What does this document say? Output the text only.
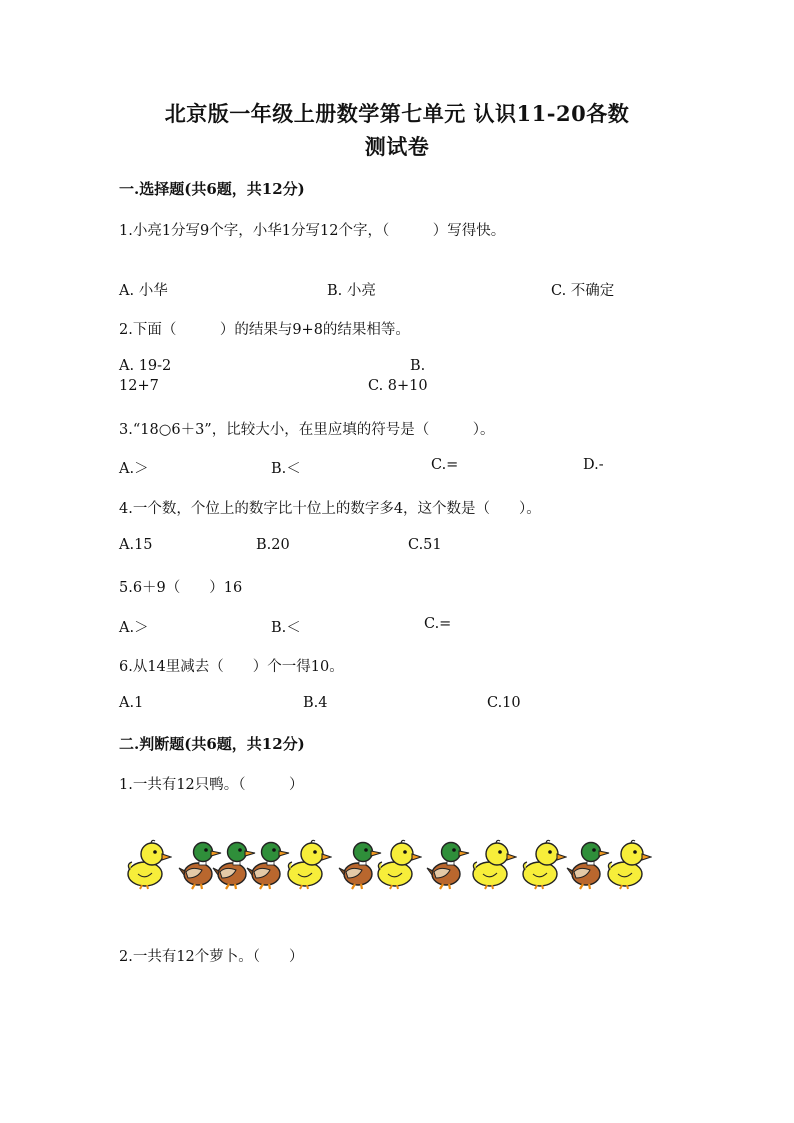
北京版一年级上册数学第七单元 认识11-20各数
测试卷
一.选择题(共6题，共12分)
1.小亮1分写9个字，小华1分写12个字，（　　　）写得快。
A. 小华	B. 小亮	C. 不确定
2.下面（　　　）的结果与9+8的结果相等。
A. 19-2	B.
12+7	C. 8+10
3.“18○6＋3”，比较大小，在里应填的符号是（　　　）。
A.＞	B.＜	C.=	D.-
4.一个数，个位上的数字比十位上的数字多4，这个数是（　　）。
A.15	B.20	C.51
5.6＋9（　　）16
A.＞	B.＜	C.=
6.从14里减去（　　）个一得10。
A.1	B.4	C.10
二.判断题(共6题，共12分)
1.一共有12只鸭。（　　　）
2.一共有12个萝卜。（　　）
